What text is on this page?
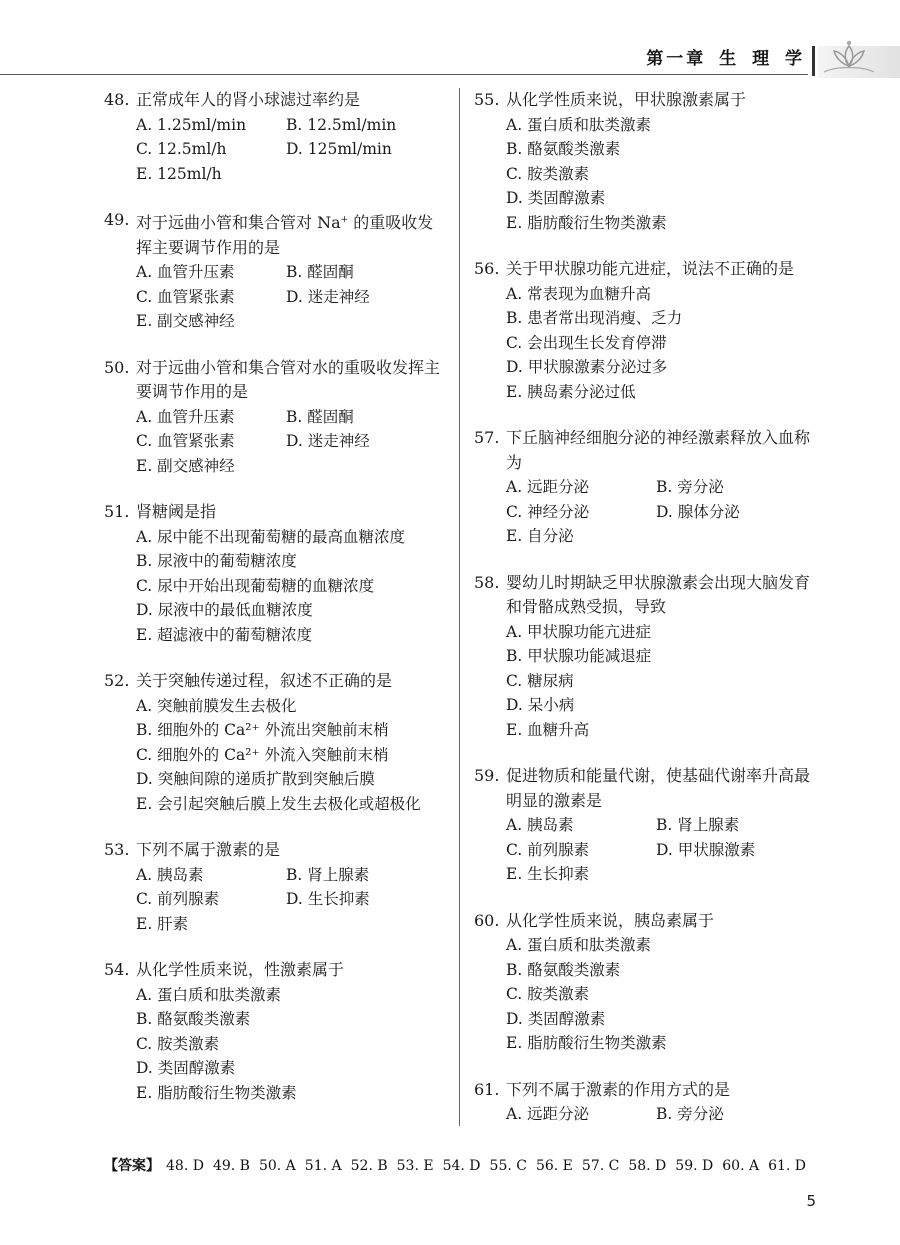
第一章 生 理 学
48. 正常成年人的肾小球滤过率约是
A. 1.25ml/min	B. 12.5ml/min
C. 12.5ml/h	D. 125ml/min
E. 125ml/h
49. 对于远曲小管和集合管对 Na+ 的重吸收发挥主要调节作用的是
A. 血管升压素	B. 醛固酮
C. 血管紧张素	D. 迷走神经
E. 副交感神经
50. 对于远曲小管和集合管对水的重吸收发挥主要调节作用的是
A. 血管升压素	B. 醛固酮
C. 血管紧张素	D. 迷走神经
E. 副交感神经
51. 肾糖阈是指
A. 尿中能不出现葡萄糖的最高血糖浓度
B. 尿液中的葡萄糖浓度
C. 尿中开始出现葡萄糖的血糖浓度
D. 尿液中的最低血糖浓度
E. 超滤液中的葡萄糖浓度
52. 关于突触传递过程，叙述不正确的是
A. 突触前膜发生去极化
B. 细胞外的 Ca²⁺ 外流出突触前末梢
C. 细胞外的 Ca²⁺ 外流入突触前末梢
D. 突触间隙的递质扩散到突触后膜
E. 会引起突触后膜上发生去极化或超极化
53. 下列不属于激素的是
A. 胰岛素	B. 肾上腺素
C. 前列腺素	D. 生长抑素
E. 肝素
54. 从化学性质来说，性激素属于
A. 蛋白质和肽类激素
B. 酪氨酸类激素
C. 胺类激素
D. 类固醇激素
E. 脂肪酸衍生物类激素
55. 从化学性质来说，甲状腺激素属于
A. 蛋白质和肽类激素
B. 酪氨酸类激素
C. 胺类激素
D. 类固醇激素
E. 脂肪酸衍生物类激素
56. 关于甲状腺功能亢进症，说法不正确的是
A. 常表现为血糖升高
B. 患者常出现消瘦、乏力
C. 会出现生长发育停滞
D. 甲状腺激素分泌过多
E. 胰岛素分泌过低
57. 下丘脑神经细胞分泌的神经激素释放入血称为
A. 远距分泌	B. 旁分泌
C. 神经分泌	D. 腺体分泌
E. 自分泌
58. 婴幼儿时期缺乏甲状腺激素会出现大脑发育和骨骼成熟受损，导致
A. 甲状腺功能亢进症
B. 甲状腺功能减退症
C. 糖尿病
D. 呆小病
E. 血糖升高
59. 促进物质和能量代谢，使基础代谢率升高最明显的激素是
A. 胰岛素	B. 肾上腺素
C. 前列腺素	D. 甲状腺激素
E. 生长抑素
60. 从化学性质来说，胰岛素属于
A. 蛋白质和肽类激素
B. 酪氨酸类激素
C. 胺类激素
D. 类固醇激素
E. 脂肪酸衍生物类激素
61. 下列不属于激素的作用方式的是
A. 远距分泌	B. 旁分泌
【答案】 48. D 49. B 50. A 51. A 52. B 53. E 54. D 55. C 56. E 57. C 58. D 59. D 60. A 61. D
5
